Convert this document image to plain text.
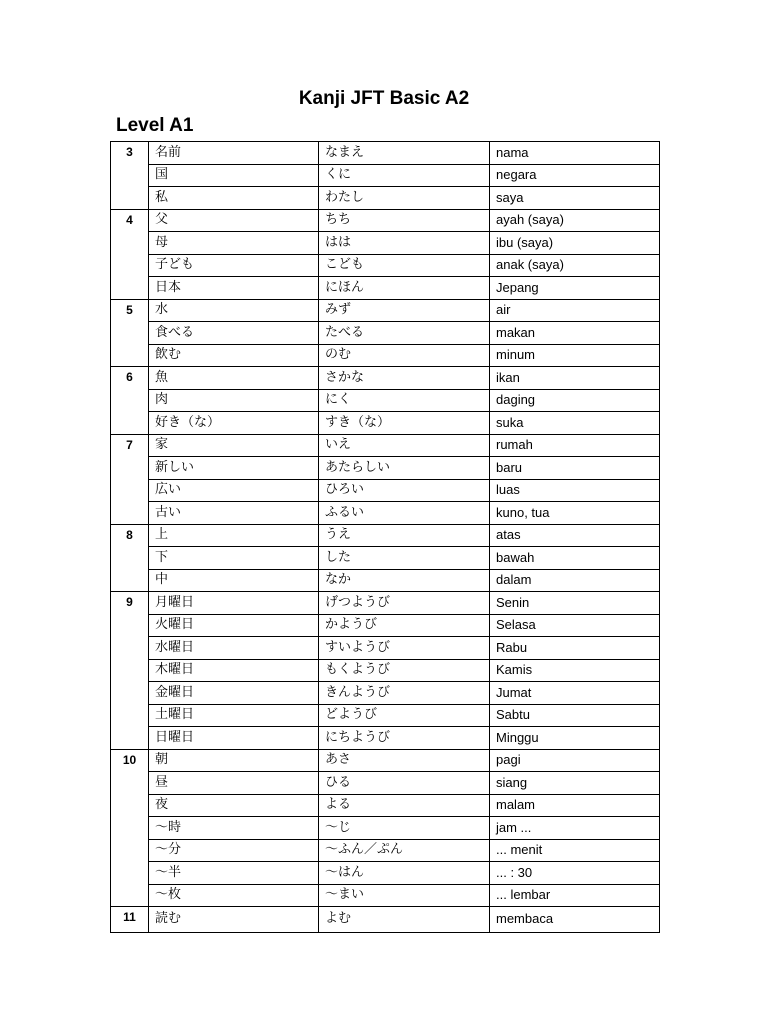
Kanji JFT Basic A2
Level A1
3	名前	なまえ	nama
	国	くに	negara
	私	わたし	saya
4	父	ちち	ayah (saya)
	母	はは	ibu (saya)
	子ども	こども	anak (saya)
	日本	にほん	Jepang
5	水	みず	air
	食べる	たべる	makan
	飲む	のむ	minum
6	魚	さかな	ikan
	肉	にく	daging
	好き（な）	すき（な）	suka
7	家	いえ	rumah
	新しい	あたらしい	baru
	広い	ひろい	luas
	古い	ふるい	kuno, tua
8	上	うえ	atas
	下	した	bawah
	中	なか	dalam
9	月曜日	げつようび	Senin
	火曜日	かようび	Selasa
	水曜日	すいようび	Rabu
	木曜日	もくようび	Kamis
	金曜日	きんようび	Jumat
	土曜日	どようび	Sabtu
	日曜日	にちようび	Minggu
10	朝	あさ	pagi
	昼	ひる	siang
	夜	よる	malam
	～時	～じ	jam ...
	～分	～ふん／ぷん	... menit
	～半	～はん	... : 30
	～枚	～まい	... lembar
11	読む	よむ	membaca
